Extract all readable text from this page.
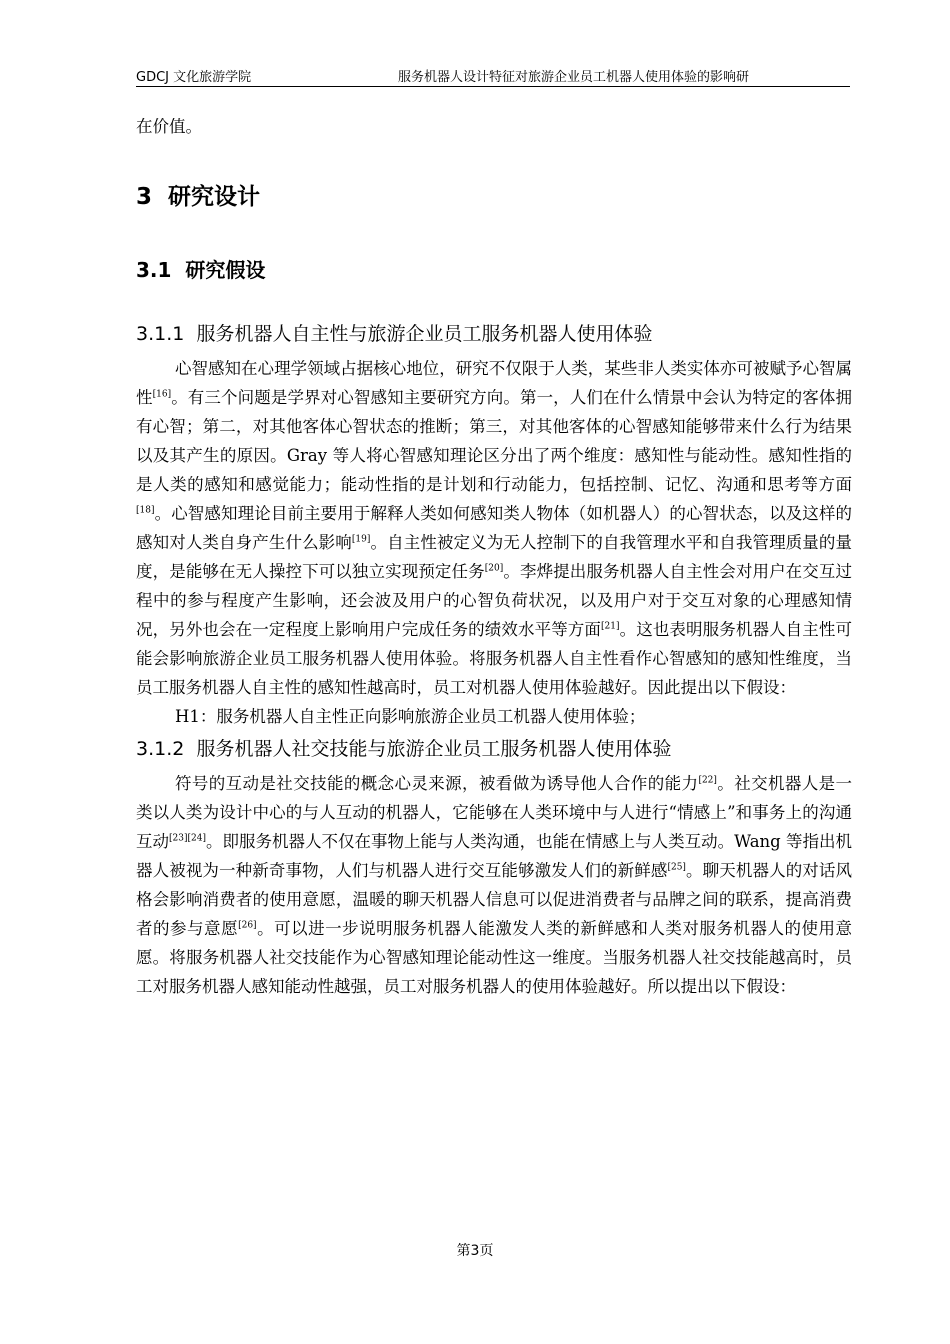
GDCJ 文化旅游学院	服务机器人设计特征对旅游企业员工机器人使用体验的影响研

在价值。

3 研究设计
3.1 研究假设
3.1.1 服务机器人自主性与旅游企业员工服务机器人使用体验

心智感知在心理学领域占据核心地位，研究不仅限于人类，某些非人类实体亦可被赋予心智属性[16]。有三个问题是学界对心智感知主要研究方向。第一，人们在什么情景中会认为特定的客体拥有心智；第二，对其他客体心智状态的推断；第三，对其他客体的心智感知能够带来什么行为结果以及其产生的原因。Gray 等人将心智感知理论区分出了两个维度：感知性与能动性。感知性指的是人类的感知和感觉能力；能动性指的是计划和行动能力，包括控制、记忆、沟通和思考等方面[18]。心智感知理论目前主要用于解释人类如何感知类人物体（如机器人）的心智状态，以及这样的感知对人类自身产生什么影响[19]。自主性被定义为无人控制下的自我管理水平和自我管理质量的量度，是能够在无人操控下可以独立实现预定任务[20]。李烨提出服务机器人自主性会对用户在交互过程中的参与程度产生影响，还会波及用户的心智负荷状况，以及用户对于交互对象的心理感知情况，另外也会在一定程度上影响用户完成任务的绩效水平等方面[21]。这也表明服务机器人自主性可能会影响旅游企业员工服务机器人使用体验。将服务机器人自主性看作心智感知的感知性维度，当员工服务机器人自主性的感知性越高时，员工对机器人使用体验越好。因此提出以下假设：

H1：服务机器人自主性正向影响旅游企业员工机器人使用体验；

3.1.2 服务机器人社交技能与旅游企业员工服务机器人使用体验

符号的互动是社交技能的概念心灵来源，被看做为诱导他人合作的能力[22]。社交机器人是一类以人类为设计中心的与人互动的机器人，它能够在人类环境中与人进行“情感上”和事务上的沟通互动[23][24]。即服务机器人不仅在事物上能与人类沟通，也能在情感上与人类互动。Wang 等指出机器人被视为一种新奇事物，人们与机器人进行交互能够激发人们的新鲜感[25]。聊天机器人的对话风格会影响消费者的使用意愿，温暖的聊天机器人信息可以促进消费者与品牌之间的联系，提高消费者的参与意愿[26]。可以进一步说明服务机器人能激发人类的新鲜感和人类对服务机器人的使用意愿。将服务机器人社交技能作为心智感知理论能动性这一维度。当服务机器人社交技能越高时，员工对服务机器人感知能动性越强，员工对服务机器人的使用体验越好。所以提出以下假设：

第3页
